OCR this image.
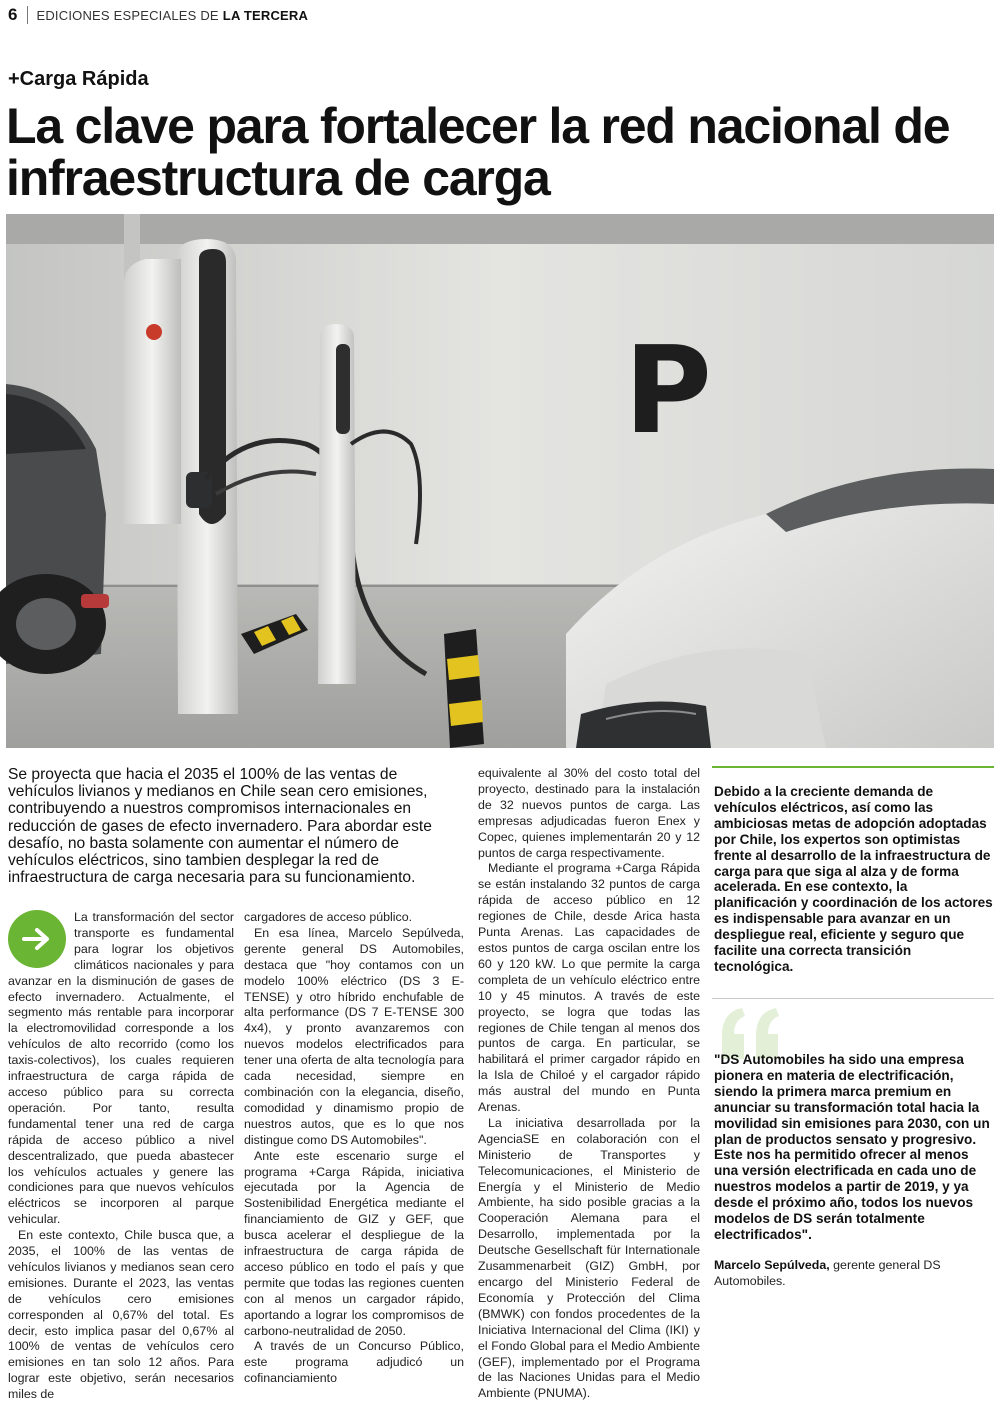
6 EDICIONES ESPECIALES DE LA TERCERA
+Carga Rápida
La clave para fortalecer la red nacional de infraestructura de carga
P

Se proyecta que hacia el 2035 el 100% de las ventas de vehículos livianos y medianos en Chile sean cero emisiones, contribuyendo a nuestros compromisos internacionales en reducción de gases de efecto invernadero. Para abordar este desafío, no basta solamente con aumentar el número de vehículos eléctricos, sino tambien desplegar la red de infraestructura de carga necesaria para su funcionamiento.

La transformación del sector transporte es fundamental para lograr los objetivos climáticos nacionales y para avanzar en la disminución de gases de efecto invernadero. Actualmente, el segmento más rentable para incorporar la electromovilidad corresponde a los vehículos de alto recorrido (como los taxis-colectivos), los cuales requieren infraestructura de carga rápida de acceso público para su correcta operación. Por tanto, resulta fundamental tener una red de carga rápida de acceso público a nivel descentralizado, que pueda abastecer los vehículos actuales y genere las condiciones para que nuevos vehículos eléctricos se incorporen al parque vehicular.

En este contexto, Chile busca que, a 2035, el 100% de las ventas de vehículos livianos y medianos sean cero emisiones. Durante el 2023, las ventas de vehículos cero emisiones corresponden al 0,67% del total. Es decir, esto implica pasar del 0,67% al 100% de ventas de vehículos cero emisiones en tan solo 12 años. Para lograr este objetivo, serán necesarios miles de

cargadores de acceso público.

En esa línea, Marcelo Sepúlveda, gerente general DS Automobiles, destaca que "hoy contamos con un modelo 100% eléctrico (DS 3 E-TENSE) y otro híbrido enchufable de alta performance (DS 7 E-TENSE 300 4x4), y pronto avanzaremos con nuevos modelos electrificados para tener una oferta de alta tecnología para cada necesidad, siempre en combinación con la elegancia, diseño, comodidad y dinamismo propio de nuestros autos, que es lo que nos distingue como DS Automobiles".

Ante este escenario surge el programa +Carga Rápida, iniciativa ejecutada por la Agencia de Sostenibilidad Energética mediante el financiamiento de GIZ y GEF, que busca acelerar el despliegue de la infraestructura de carga rápida de acceso público en todo el país y que permite que todas las regiones cuenten con al menos un cargador rápido, aportando a lograr los compromisos de carbono-neutralidad de 2050.

A través de un Concurso Público, este programa adjudicó un cofinanciamiento

equivalente al 30% del costo total del proyecto, destinado para la instalación de 32 nuevos puntos de carga. Las empresas adjudicadas fueron Enex y Copec, quienes implementarán 20 y 12 puntos de carga respectivamente.

Mediante el programa +Carga Rápida se están instalando 32 puntos de carga rápida de acceso público en 12 regiones de Chile, desde Arica hasta Punta Arenas. Las capacidades de estos puntos de carga oscilan entre los 60 y 120 kW. Lo que permite la carga completa de un vehículo eléctrico entre 10 y 45 minutos. A través de este proyecto, se logra que todas las regiones de Chile tengan al menos dos puntos de carga. En particular, se habilitará el primer cargador rápido en la Isla de Chiloé y el cargador rápido más austral del mundo en Punta Arenas.

La iniciativa desarrollada por la AgenciaSE en colaboración con el Ministerio de Transportes y Telecomunicaciones, el Ministerio de Energía y el Ministerio de Medio Ambiente, ha sido posible gracias a la Cooperación Alemana para el Desarrollo, implementada por la Deutsche Gesellschaft für Internationale Zusammenarbeit (GIZ) GmbH, por encargo del Ministerio Federal de Economía y Protección del Clima (BMWK) con fondos procedentes de la Iniciativa Internacional del Clima (IKI) y el Fondo Global para el Medio Ambiente (GEF), implementado por el Programa de las Naciones Unidas para el Medio Ambiente (PNUMA).

Debido a la creciente demanda de vehículos eléctricos, así como las ambiciosas metas de adopción adoptadas por Chile, los expertos son optimistas frente al desarrollo de la infraestructura de carga para que siga al alza y de forma acelerada. En ese contexto, la planificación y coordinación de los actores es indispensable para avanzar en un despliegue real, eficiente y seguro que facilite una correcta transición tecnológica.

"DS Automobiles ha sido una empresa pionera en materia de electrificación, siendo la primera marca premium en anunciar su transformación total hacia la movilidad sin emisiones para 2030, con un plan de productos sensato y progresivo. Este nos ha permitido ofrecer al menos una versión electrificada en cada uno de nuestros modelos a partir de 2019, y ya desde el próximo año, todos los nuevos modelos de DS serán totalmente electrificados".

Marcelo Sepúlveda, gerente general DS Automobiles.
